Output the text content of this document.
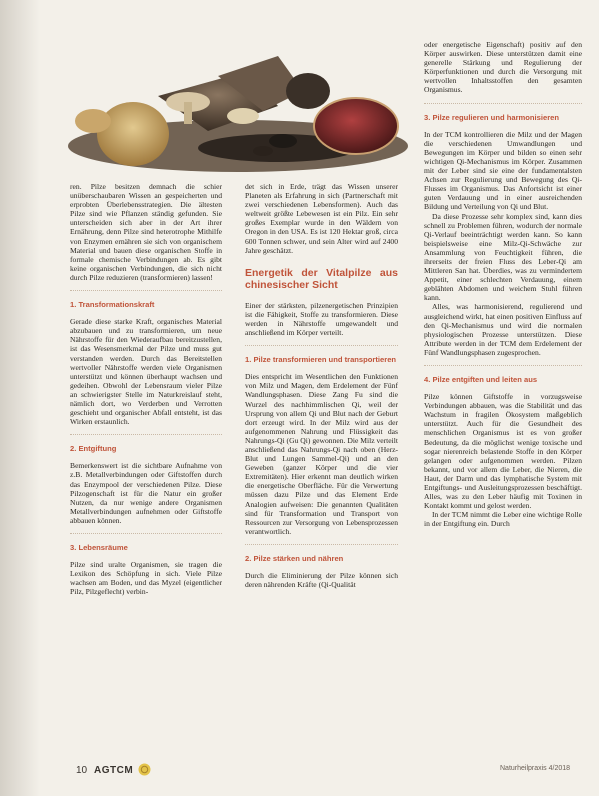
ren. Pilze besitzen demnach die schier unüberschaubaren Wissen an gespeicherten und erprobten Überlebensstrategien. Die ältesten Pilze sind wie Pflanzen ständig gefunden. Sie unterscheiden sich aber in der Art ihrer Ernährung, denn Pilze sind heterotrophe Mithilfe von Enzymen ernähren sie sich von organischem Material und bauen diese organischen Stoffe in formale chemische Verbindungen ab. Es gibt keine organischen Verbindungen, die sich nicht durch Pilze reduzieren (transformieren) lassen!

1. Transformationskraft

Gerade diese starke Kraft, organisches Material abzubauen und zu transformieren, um neue Nährstoffe für den Wiederaufbau bereitzustellen, ist das Wesensmerkmal der Pilze und muss gut verstanden werden. Durch das Bereitstellen wertvoller Nährstoffe werden viele Organismen unterstützt und können überhaupt wachsen und gedeihen. Obwohl der Lebensraum vieler Pilze an schwierigster Stelle im Naturkreislauf steht, nämlich dort, wo Verderben und Verrotten geschieht und organischer Abfall entsteht, ist das Wirken erstaunlich.

2. Entgiftung

Bemerkenswert ist die sichtbare Aufnahme von z.B. Metallverbindungen oder Giftstoffen durch das Enzympool der verschiedenen Pilze. Diese Pilzogenschaft ist für die Natur ein großer Nutzen, da nur wenige andere Organismen Metallverbindungen aufnehmen oder Giftstoffe abbauen können.

3. Lebensräume

Pilze sind uralte Organismen, sie tragen die Lexikon des Schöpfung in sich. Viele Pilze wachsen am Boden, und das Myzel (eigentlicher Pilz, Pilzgeflecht) verbin-

det sich in Erde, trägt das Wissen unserer Planeten als Erfahrung in sich (Partnerschaft mit zwei verschiedenen Lebensformen). Auch das weltweit größte Lebewesen ist ein Pilz. Ein sehr großes Exemplar wurde in den Wäldern von Oregon in den USA. Es ist 120 Hektar groß, circa 600 Tonnen schwer, und sein Alter wird auf 2400 Jahre geschätzt.

Energetik der Vitalpilze aus chinesischer Sicht

Einer der stärksten, pilzenergetischen Prinzipien ist die Fähigkeit, Stoffe zu transformieren. Diese werden in Nährstoffe umgewandelt und anschließend im Körper verteilt.

1. Pilze transformieren und transportieren

Dies entspricht im Wesentlichen den Funktionen von Milz und Magen, dem Erdelement der Fünf Wandlungsphasen. Diese Zang Fu sind die Wurzel des nachhimmlischen Qi, weil der Ursprung von allem Qi und Blut nach der Geburt dort erzeugt wird. In der Milz wird aus der aufgenommenen Nahrung und Flüssigkeit das Nahrungs-Qi (Gu Qi) gewonnen. Die Milz verteilt anschließend das Nahrungs-Qi nach oben (Herz-Blut und Lungen Sammel-Qi) und an den Geweben (ganzer Körper und die vier Extremitäten). Hier erkennt man deutlich wirken die energetische Oberfläche. Für die Verwertung müssen dazu Pilze und das Element Erde Analogien aufweisen: Die genannten Qualitäten sind für Transformation und Transport von Ressourcen zur Versorgung von Lebensprozessen verantwortlich.

2. Pilze stärken und nähren

Durch die Eliminierung der Pilze können sich deren nährenden Kräfte (Qi-Qualität

oder energetische Eigenschaft) positiv auf den Körper auswirken. Diese unterstützen damit eine generelle Stärkung und Regulierung der Körperfunktionen und durch die Versorgung mit wertvollen Inhaltsstoffen den gesamten Organismus.

3. Pilze regulieren und harmonisieren

In der TCM kontrollieren die Milz und der Magen die verschiedenen Umwandlungen und Bewegungen im Körper und bilden so einen sehr wichtigen Qi-Mechanismus im Körper. Zusammen mit der Leber sind sie eine der fundamentalsten Achsen zur Regulierung und Bewegung des Qi-Flusses im Organismus. Das Anfortsicht ist einer guten Verdauung und in einer ausreichenden Bildung und Verteilung von Qi und Blut.

Da diese Prozesse sehr komplex sind, kann dies schnell zu Problemen führen, wodurch der normale Qi-Verlauf beeinträchtigt werden kann. So kann beispielsweise eine Milz-Qi-Schwäche zur Ansammlung von Feuchtigkeit führen, die ihrerseits der freien Fluss des Leber-Qi am Mittleren San hat. Überdies, was zu vermindertem Appetit, einer schlechten Verdauung, einem geblähten Abdomen und weichem Stuhl führen kann.

Alles, was harmonisierend, regulierend und ausgleichend wirkt, hat einen positiven Einfluss auf den Qi-Mechanismus und wird die normalen physiologischen Prozesse unterstützen. Diese Attribute werden in der TCM dem Erdelement der Fünf Wandlungsphasen zugesprochen.

4. Pilze entgiften und leiten aus

Pilze können Giftstoffe in vorzugsweise Verbindungen abbauen, was die Stabilität und das Wachstum in fragilen Ökosystem maßgeblich unterstützt. Auch für die Gesundheit des menschlichen Organismus ist es von großer Bedeutung, da die möglichst wenige toxische und sogar nierenreich belastende Stoffe in den Körper gelangen oder aufgenommen werden. Pilzen bekannt, und vor allem die Leber, die Nieren, die Haut, der Darm und das lymphatische System mit Entgiftungs- und Ausleitungsprozessen beschäftigt. Alles, was zu den Leber häufig mit Toxinen in Kontakt kommt und gelost werden.

In der TCM nimmt die Leber eine wichtige Rolle in der Entgiftung ein. Durch

10 AGTCM	Naturheilpraxis 4/2018
